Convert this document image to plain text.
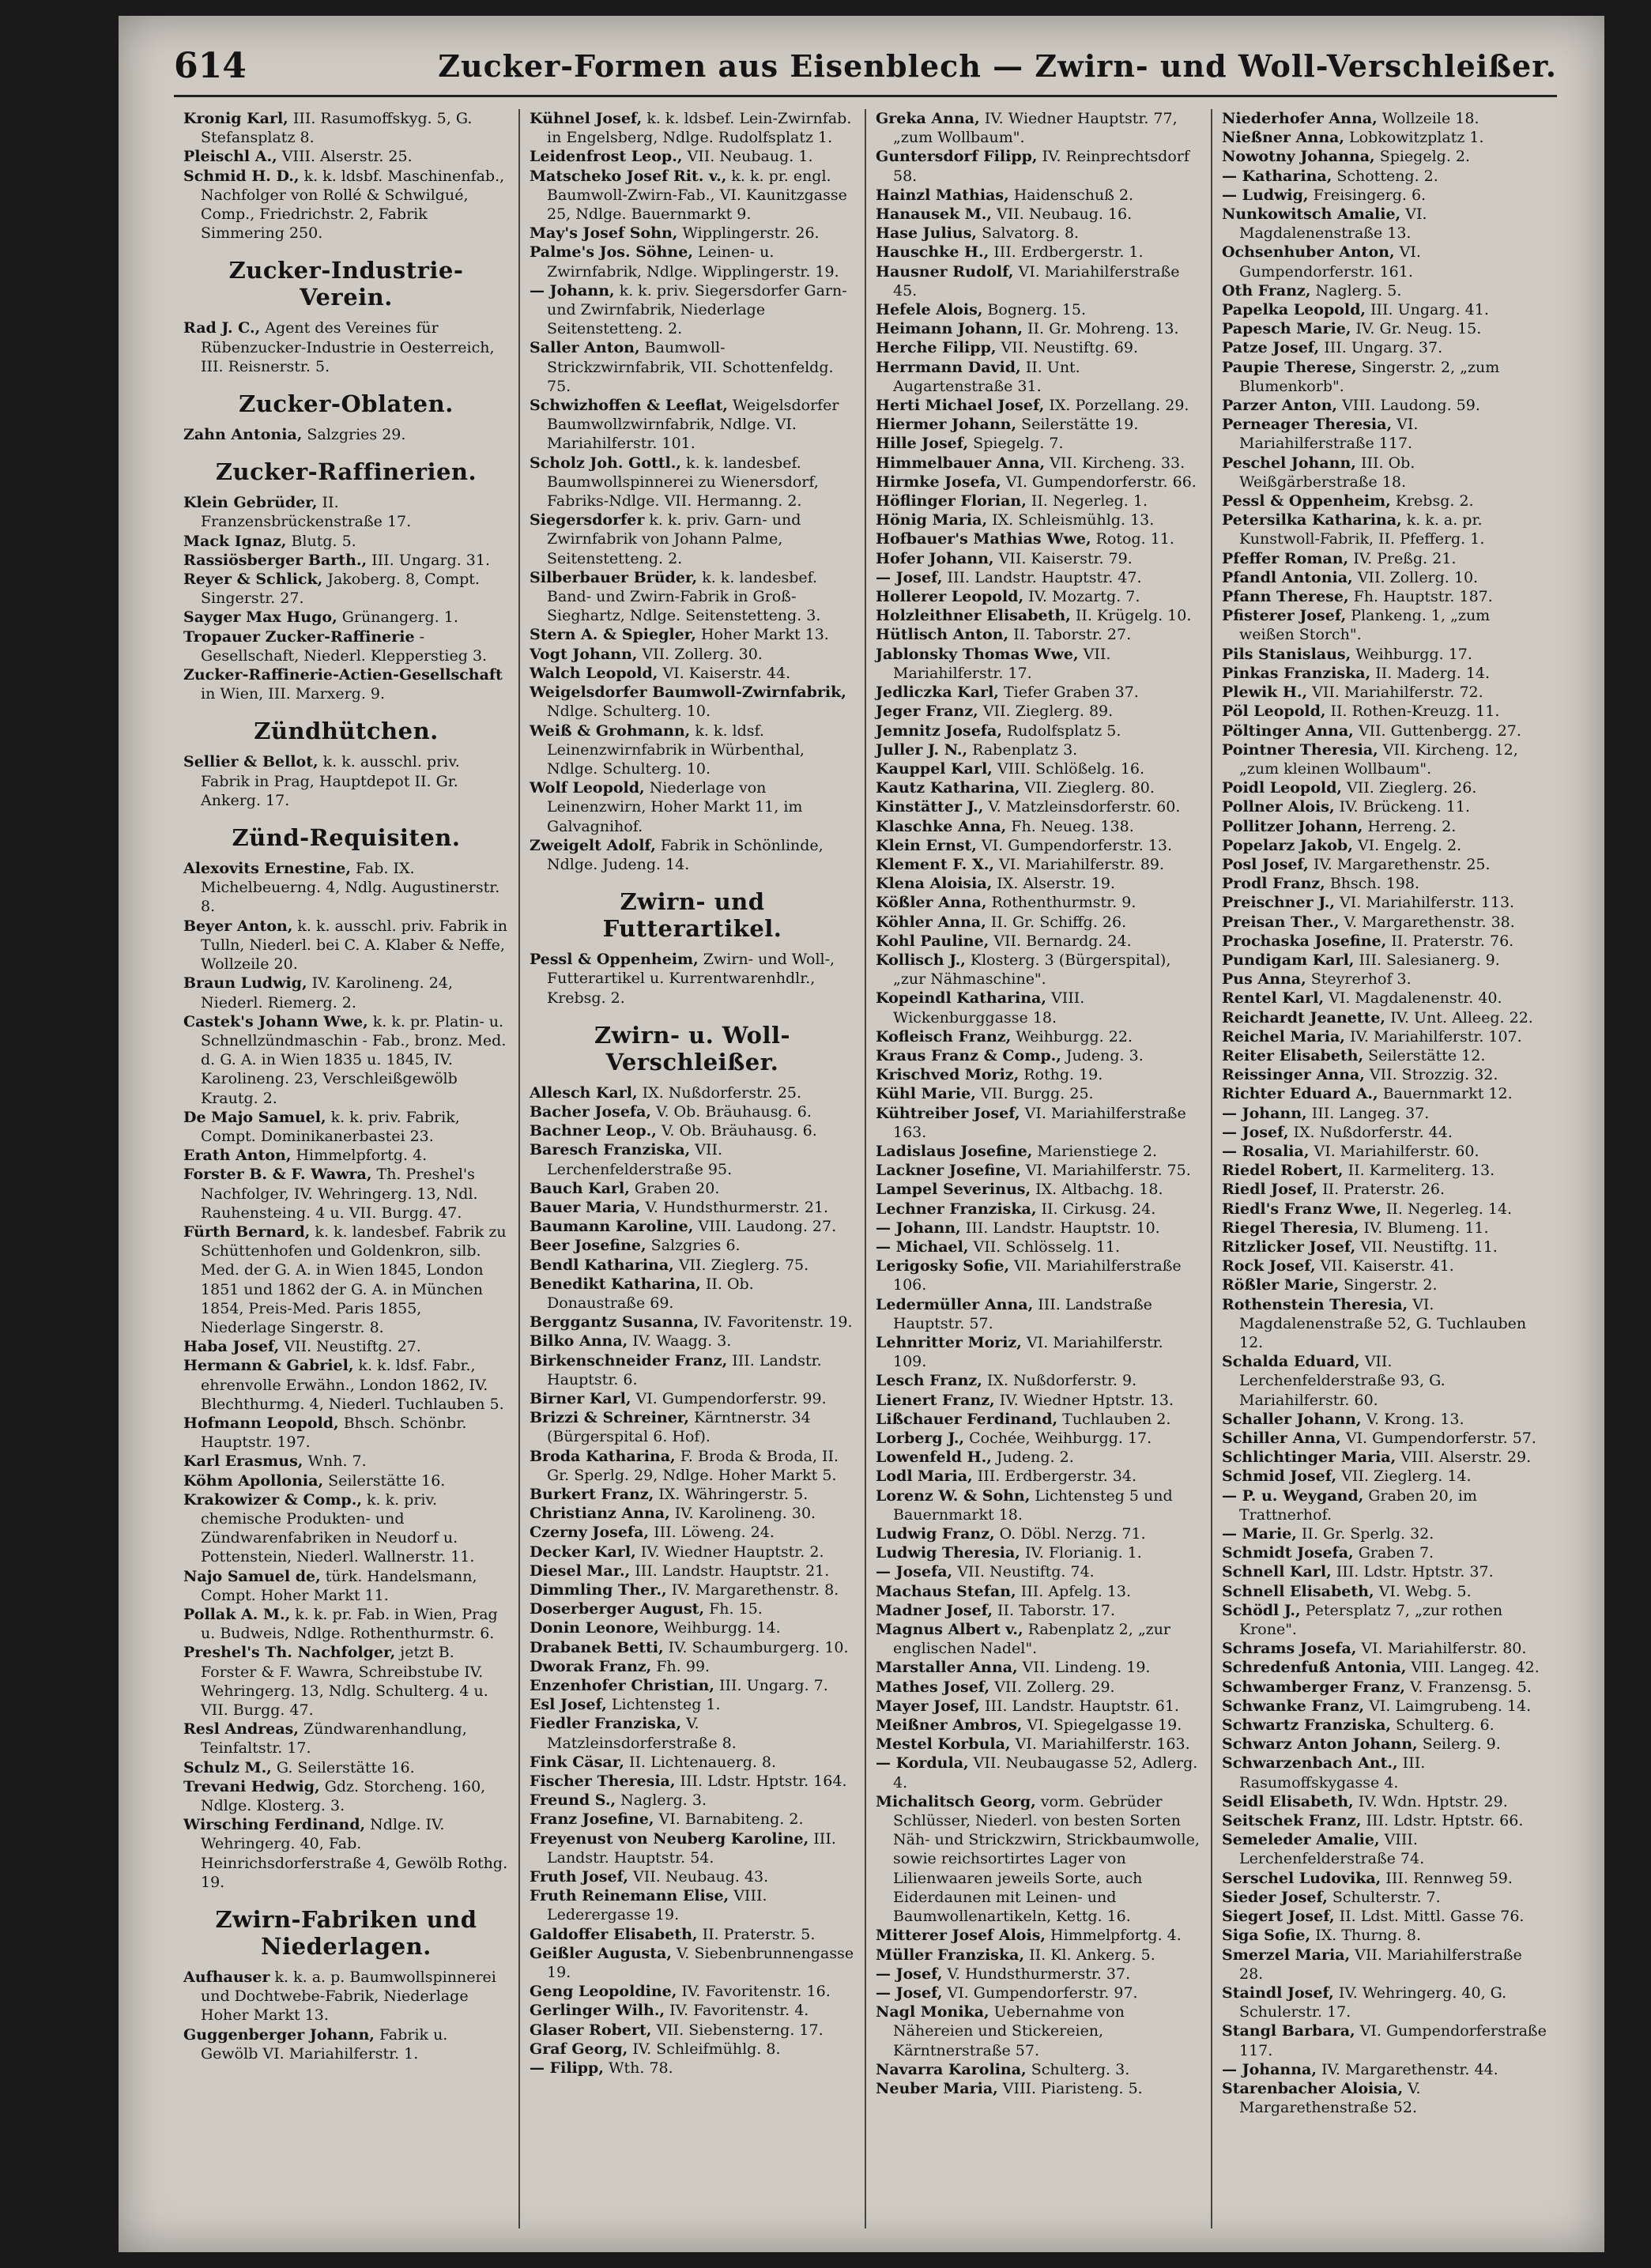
614	Zucker-Formen aus Eisenblech — Zwirn- und Woll-Verschleißer.

Kronig Karl, III. Rasumoffskyg. 5, G. Stefansplatz 8.

Pleischl A., VIII. Alserstr. 25.

Schmid H. D., k. k. ldsbf. Maschinenfab., Nachfolger von Rollé & Schwilgué, Comp., Friedrichstr. 2, Fabrik Simmering 250.

Zucker-Industrie-Verein.

Rad J. C., Agent des Vereines für Rübenzucker-Industrie in Oesterreich, III. Reisnerstr. 5.

Zucker-Oblaten.

Zahn Antonia, Salzgries 29.

Zucker-Raffinerien.

Klein Gebrüder, II. Franzensbrückenstraße 17.

Mack Ignaz, Blutg. 5.

Rassiösberger Barth., III. Ungarg. 31.

Reyer & Schlick, Jakoberg. 8, Compt. Singerstr. 27.

Sayger Max Hugo, Grünangerg. 1.

Tropauer Zucker-Raffinerie - Gesellschaft, Niederl. Klepperstieg 3.

Zucker-Raffinerie-Actien-Gesellschaft in Wien, III. Marxerg. 9.

Zündhütchen.

Sellier & Bellot, k. k. ausschl. priv. Fabrik in Prag, Hauptdepot II. Gr. Ankerg. 17.

Zünd-Requisiten.

Alexovits Ernestine, Fab. IX. Michelbeuerng. 4, Ndlg. Augustinerstr. 8.

Beyer Anton, k. k. ausschl. priv. Fabrik in Tulln, Niederl. bei C. A. Klaber & Neffe, Wollzeile 20.

Braun Ludwig, IV. Karolineng. 24, Niederl. Riemerg. 2.

Castek's Johann Wwe, k. k. pr. Platin- u. Schnellzündmaschin - Fab., bronz. Med. d. G. A. in Wien 1835 u. 1845, IV. Karolineng. 23, Verschleißgewölb Krautg. 2.

De Majo Samuel, k. k. priv. Fabrik, Compt. Dominikanerbastei 23.

Erath Anton, Himmelpfortg. 4.

Forster B. & F. Wawra, Th. Preshel's Nachfolger, IV. Wehringerg. 13, Ndl. Rauhensteing. 4 u. VII. Burgg. 47.

Fürth Bernard, k. k. landesbef. Fabrik zu Schüttenhofen und Goldenkron, silb. Med. der G. A. in Wien 1845, London 1851 und 1862 der G. A. in München 1854, Preis-Med. Paris 1855, Niederlage Singerstr. 8.

Haba Josef, VII. Neustiftg. 27.

Hermann & Gabriel, k. k. ldsf. Fabr., ehrenvolle Erwähn., London 1862, IV. Blechthurmg. 4, Niederl. Tuchlauben 5.

Hofmann Leopold, Bhsch. Schönbr. Hauptstr. 197.

Karl Erasmus, Wnh. 7.

Köhm Apollonia, Seilerstätte 16.

Krakowizer & Comp., k. k. priv. chemische Produkten- und Zündwarenfabriken in Neudorf u. Pottenstein, Niederl. Wallnerstr. 11.

Najo Samuel de, türk. Handelsmann, Compt. Hoher Markt 11.

Pollak A. M., k. k. pr. Fab. in Wien, Prag u. Budweis, Ndlge. Rothenthurmstr. 6.

Preshel's Th. Nachfolger, jetzt B. Forster & F. Wawra, Schreibstube IV. Wehringerg. 13, Ndlg. Schulterg. 4 u. VII. Burgg. 47.

Resl Andreas, Zündwarenhandlung, Teinfaltstr. 17.

Schulz M., G. Seilerstätte 16.

Trevani Hedwig, Gdz. Storcheng. 160, Ndlge. Klosterg. 3.

Wirsching Ferdinand, Ndlge. IV. Wehringerg. 40, Fab. Heinrichsdorferstraße 4, Gewölb Rothg. 19.

Zwirn-Fabriken und Niederlagen.

Aufhauser k. k. a. p. Baumwollspinnerei und Dochtwebe-Fabrik, Niederlage Hoher Markt 13.

Guggenberger Johann, Fabrik u. Gewölb VI. Mariahilferstr. 1.

Kühnel Josef, k. k. ldsbef. Lein-Zwirnfab. in Engelsberg, Ndlge. Rudolfsplatz 1.

Leidenfrost Leop., VII. Neubaug. 1.

Matscheko Josef Rit. v., k. k. pr. engl. Baumwoll-Zwirn-Fab., VI. Kaunitzgasse 25, Ndlge. Bauernmarkt 9.

May's Josef Sohn, Wipplingerstr. 26.

Palme's Jos. Söhne, Leinen- u. Zwirnfabrik, Ndlge. Wipplingerstr. 19.

— Johann, k. k. priv. Siegersdorfer Garn- und Zwirnfabrik, Niederlage Seitenstetteng. 2.

Saller Anton, Baumwoll-Strickzwirnfabrik, VII. Schottenfeldg. 75.

Schwizhoffen & Leeflat, Weigelsdorfer Baumwollzwirnfabrik, Ndlge. VI. Mariahilferstr. 101.

Scholz Joh. Gottl., k. k. landesbef. Baumwollspinnerei zu Wienersdorf, Fabriks-Ndlge. VII. Hermanng. 2.

Siegersdorfer k. k. priv. Garn- und Zwirnfabrik von Johann Palme, Seitenstetteng. 2.

Silberbauer Brüder, k. k. landesbef. Band- und Zwirn-Fabrik in Groß-Sieghartz, Ndlge. Seitenstetteng. 3.

Stern A. & Spiegler, Hoher Markt 13.

Vogt Johann, VII. Zollerg. 30.

Walch Leopold, VI. Kaiserstr. 44.

Weigelsdorfer Baumwoll-Zwirnfabrik, Ndlge. Schulterg. 10.

Weiß & Grohmann, k. k. ldsf. Leinenzwirnfabrik in Würbenthal, Ndlge. Schulterg. 10.

Wolf Leopold, Niederlage von Leinenzwirn, Hoher Markt 11, im Galvagnihof.

Zweigelt Adolf, Fabrik in Schönlinde, Ndlge. Judeng. 14.

Zwirn- und Futterartikel.

Pessl & Oppenheim, Zwirn- und Woll-, Futterartikel u. Kurrentwarenhdlr., Krebsg. 2.

Zwirn- u. Woll-Verschleißer.

Allesch Karl, IX. Nußdorferstr. 25.

Bacher Josefa, V. Ob. Bräuhausg. 6.

Bachner Leop., V. Ob. Bräuhausg. 6.

Baresch Franziska, VII. Lerchenfelderstraße 95.

Bauch Karl, Graben 20.

Bauer Maria, V. Hundsthurmerstr. 21.

Baumann Karoline, VIII. Laudong. 27.

Beer Josefine, Salzgries 6.

Bendl Katharina, VII. Zieglerg. 75.

Benedikt Katharina, II. Ob. Donaustraße 69.

Berggantz Susanna, IV. Favoritenstr. 19.

Bilko Anna, IV. Waagg. 3.

Birkenschneider Franz, III. Landstr. Hauptstr. 6.

Birner Karl, VI. Gumpendorferstr. 99.

Brizzi & Schreiner, Kärntnerstr. 34 (Bürgerspital 6. Hof).

Broda Katharina, F. Broda & Broda, II. Gr. Sperlg. 29, Ndlge. Hoher Markt 5.

Burkert Franz, IX. Währingerstr. 5.

Christianz Anna, IV. Karolineng. 30.

Czerny Josefa, III. Löweng. 24.

Decker Karl, IV. Wiedner Hauptstr. 2.

Diesel Mar., III. Landstr. Hauptstr. 21.

Dimmling Ther., IV. Margarethenstr. 8.

Doserberger August, Fh. 15.

Donin Leonore, Weihburgg. 14.

Drabanek Betti, IV. Schaumburgerg. 10.

Dworak Franz, Fh. 99.

Enzenhofer Christian, III. Ungarg. 7.

Esl Josef, Lichtensteg 1.

Fiedler Franziska, V. Matzleinsdorferstraße 8.

Fink Cäsar, II. Lichtenauerg. 8.

Fischer Theresia, III. Ldstr. Hptstr. 164.

Freund S., Naglerg. 3.

Franz Josefine, VI. Barnabiteng. 2.

Freyenust von Neuberg Karoline, III. Landstr. Hauptstr. 54.

Fruth Josef, VII. Neubaug. 43.

Fruth Reinemann Elise, VIII. Lederergasse 19.

Galdoffer Elisabeth, II. Praterstr. 5.

Geißler Augusta, V. Siebenbrunnengasse 19.

Geng Leopoldine, IV. Favoritenstr. 16.

Gerlinger Wilh., IV. Favoritenstr. 4.

Glaser Robert, VII. Siebensterng. 17.

Graf Georg, IV. Schleifmühlg. 8.

— Filipp, Wth. 78.

Greka Anna, IV. Wiedner Hauptstr. 77, „zum Wollbaum".

Guntersdorf Filipp, IV. Reinprechtsdorf 58.

Hainzl Mathias, Haidenschuß 2.

Hanausek M., VII. Neubaug. 16.

Hase Julius, Salvatorg. 8.

Hauschke H., III. Erdbergerstr. 1.

Hausner Rudolf, VI. Mariahilferstraße 45.

Hefele Alois, Bognerg. 15.

Heimann Johann, II. Gr. Mohreng. 13.

Herche Filipp, VII. Neustiftg. 69.

Herrmann David, II. Unt. Augartenstraße 31.

Herti Michael Josef, IX. Porzellang. 29.

Hiermer Johann, Seilerstätte 19.

Hille Josef, Spiegelg. 7.

Himmelbauer Anna, VII. Kircheng. 33.

Hirmke Josefa, VI. Gumpendorferstr. 66.

Höflinger Florian, II. Negerleg. 1.

Hönig Maria, IX. Schleismühlg. 13.

Hofbauer's Mathias Wwe, Rotog. 11.

Hofer Johann, VII. Kaiserstr. 79.

— Josef, III. Landstr. Hauptstr. 47.

Hollerer Leopold, IV. Mozartg. 7.

Holzleithner Elisabeth, II. Krügelg. 10.

Hütlisch Anton, II. Taborstr. 27.

Jablonsky Thomas Wwe, VII. Mariahilferstr. 17.

Jedliczka Karl, Tiefer Graben 37.

Jeger Franz, VII. Zieglerg. 89.

Jemnitz Josefa, Rudolfsplatz 5.

Juller J. N., Rabenplatz 3.

Kauppel Karl, VIII. Schlößelg. 16.

Kautz Katharina, VII. Zieglerg. 80.

Kinstätter J., V. Matzleinsdorferstr. 60.

Klaschke Anna, Fh. Neueg. 138.

Klein Ernst, VI. Gumpendorferstr. 13.

Klement F. X., VI. Mariahilferstr. 89.

Klena Aloisia, IX. Alserstr. 19.

Kößler Anna, Rothenthurmstr. 9.

Köhler Anna, II. Gr. Schiffg. 26.

Kohl Pauline, VII. Bernardg. 24.

Kollisch J., Klosterg. 3 (Bürgerspital), „zur Nähmaschine".

Kopeindl Katharina, VIII. Wickenburggasse 18.

Kofleisch Franz, Weihburgg. 22.

Kraus Franz & Comp., Judeng. 3.

Krischved Moriz, Rothg. 19.

Kühl Marie, VII. Burgg. 25.

Kühtreiber Josef, VI. Mariahilferstraße 163.

Ladislaus Josefine, Marienstiege 2.

Lackner Josefine, VI. Mariahilferstr. 75.

Lampel Severinus, IX. Altbachg. 18.

Lechner Franziska, II. Cirkusg. 24.

— Johann, III. Landstr. Hauptstr. 10.

— Michael, VII. Schlösselg. 11.

Lerigosky Sofie, VII. Mariahilferstraße 106.

Ledermüller Anna, III. Landstraße Hauptstr. 57.

Lehnritter Moriz, VI. Mariahilferstr. 109.

Lesch Franz, IX. Nußdorferstr. 9.

Lienert Franz, IV. Wiedner Hptstr. 13.

Lißchauer Ferdinand, Tuchlauben 2.

Lorberg J., Cochée, Weihburgg. 17.

Lowenfeld H., Judeng. 2.

Lodl Maria, III. Erdbergerstr. 34.

Lorenz W. & Sohn, Lichtensteg 5 und Bauernmarkt 18.

Ludwig Franz, O. Döbl. Nerzg. 71.

Ludwig Theresia, IV. Florianig. 1.

— Josefa, VII. Neustiftg. 74.

Machaus Stefan, III. Apfelg. 13.

Madner Josef, II. Taborstr. 17.

Magnus Albert v., Rabenplatz 2, „zur englischen Nadel".

Marstaller Anna, VII. Lindeng. 19.

Mathes Josef, VII. Zollerg. 29.

Mayer Josef, III. Landstr. Hauptstr. 61.

Meißner Ambros, VI. Spiegelgasse 19.

Mestel Korbula, VI. Mariahilferstr. 163.

— Kordula, VII. Neubaugasse 52, Adlerg. 4.

Michalitsch Georg, vorm. Gebrüder Schlüsser, Niederl. von besten Sorten Näh- und Strickzwirn, Strickbaumwolle, sowie reichsortirtes Lager von Lilienwaaren jeweils Sorte, auch Eiderdaunen mit Leinen- und Baumwollenartikeln, Kettg. 16.

Mitterer Josef Alois, Himmelpfortg. 4.

Müller Franziska, II. Kl. Ankerg. 5.

— Josef, V. Hundsthurmerstr. 37.

— Josef, VI. Gumpendorferstr. 97.

Nagl Monika, Uebernahme von Nähereien und Stickereien, Kärntnerstraße 57.

Navarra Karolina, Schulterg. 3.

Neuber Maria, VIII. Piaristeng. 5.

Niederhofer Anna, Wollzeile 18.

Nießner Anna, Lobkowitzplatz 1.

Nowotny Johanna, Spiegelg. 2.

— Katharina, Schotteng. 2.

— Ludwig, Freisingerg. 6.

Nunkowitsch Amalie, VI. Magdalenenstraße 13.

Ochsenhuber Anton, VI. Gumpendorferstr. 161.

Oth Franz, Naglerg. 5.

Papelka Leopold, III. Ungarg. 41.

Papesch Marie, IV. Gr. Neug. 15.

Patze Josef, III. Ungarg. 37.

Paupie Therese, Singerstr. 2, „zum Blumenkorb".

Parzer Anton, VIII. Laudong. 59.

Perneager Theresia, VI. Mariahilferstraße 117.

Peschel Johann, III. Ob. Weißgärberstraße 18.

Pessl & Oppenheim, Krebsg. 2.

Petersilka Katharina, k. k. a. pr. Kunstwoll-Fabrik, II. Pfefferg. 1.

Pfeffer Roman, IV. Preßg. 21.

Pfandl Antonia, VII. Zollerg. 10.

Pfann Therese, Fh. Hauptstr. 187.

Pfisterer Josef, Plankeng. 1, „zum weißen Storch".

Pils Stanislaus, Weihburgg. 17.

Pinkas Franziska, II. Maderg. 14.

Plewik H., VII. Mariahilferstr. 72.

Pöl Leopold, II. Rothen-Kreuzg. 11.

Pöltinger Anna, VII. Guttenbergg. 27.

Pointner Theresia, VII. Kircheng. 12, „zum kleinen Wollbaum".

Poidl Leopold, VII. Zieglerg. 26.

Pollner Alois, IV. Brückeng. 11.

Pollitzer Johann, Herreng. 2.

Popelarz Jakob, VI. Engelg. 2.

Posl Josef, IV. Margarethenstr. 25.

Prodl Franz, Bhsch. 198.

Preischner J., VI. Mariahilferstr. 113.

Preisan Ther., V. Margarethenstr. 38.

Prochaska Josefine, II. Praterstr. 76.

Pundigam Karl, III. Salesianerg. 9.

Pus Anna, Steyrerhof 3.

Rentel Karl, VI. Magdalenenstr. 40.

Reichardt Jeanette, IV. Unt. Alleeg. 22.

Reichel Maria, IV. Mariahilferstr. 107.

Reiter Elisabeth, Seilerstätte 12.

Reissinger Anna, VII. Strozzig. 32.

Richter Eduard A., Bauernmarkt 12.

— Johann, III. Langeg. 37.

— Josef, IX. Nußdorferstr. 44.

— Rosalia, VI. Mariahilferstr. 60.

Riedel Robert, II. Karmeliterg. 13.

Riedl Josef, II. Praterstr. 26.

Riedl's Franz Wwe, II. Negerleg. 14.

Riegel Theresia, IV. Blumeng. 11.

Ritzlicker Josef, VII. Neustiftg. 11.

Rock Josef, VII. Kaiserstr. 41.

Rößler Marie, Singerstr. 2.

Rothenstein Theresia, VI. Magdalenenstraße 52, G. Tuchlauben 12.

Schalda Eduard, VII. Lerchenfelderstraße 93, G. Mariahilferstr. 60.

Schaller Johann, V. Krong. 13.

Schiller Anna, VI. Gumpendorferstr. 57.

Schlichtinger Maria, VIII. Alserstr. 29.

Schmid Josef, VII. Zieglerg. 14.

— P. u. Weygand, Graben 20, im Trattnerhof.

— Marie, II. Gr. Sperlg. 32.

Schmidt Josefa, Graben 7.

Schnell Karl, III. Ldstr. Hptstr. 37.

Schnell Elisabeth, VI. Webg. 5.

Schödl J., Petersplatz 7, „zur rothen Krone".

Schrams Josefa, VI. Mariahilferstr. 80.

Schredenfuß Antonia, VIII. Langeg. 42.

Schwamberger Franz, V. Franzensg. 5.

Schwanke Franz, VI. Laimgrubeng. 14.

Schwartz Franziska, Schulterg. 6.

Schwarz Anton Johann, Seilerg. 9.

Schwarzenbach Ant., III. Rasumoffskygasse 4.

Seidl Elisabeth, IV. Wdn. Hptstr. 29.

Seitschek Franz, III. Ldstr. Hptstr. 66.

Semeleder Amalie, VIII. Lerchenfelderstraße 74.

Serschel Ludovika, III. Rennweg 59.

Sieder Josef, Schulterstr. 7.

Siegert Josef, II. Ldst. Mittl. Gasse 76.

Siga Sofie, IX. Thurng. 8.

Smerzel Maria, VII. Mariahilferstraße 28.

Staindl Josef, IV. Wehringerg. 40, G. Schulerstr. 17.

Stangl Barbara, VI. Gumpendorferstraße 117.

— Johanna, IV. Margarethenstr. 44.

Starenbacher Aloisia, V. Margarethenstraße 52.
